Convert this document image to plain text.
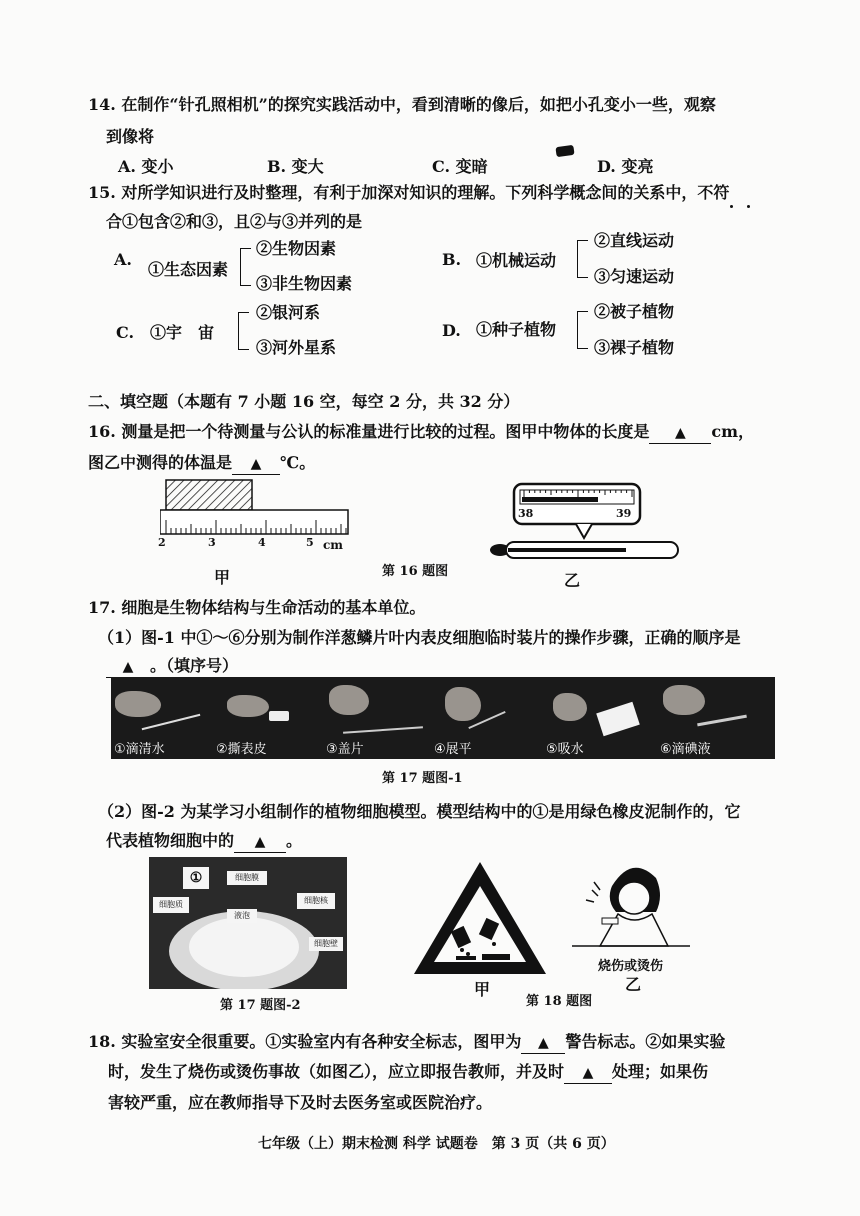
14. 在制作“针孔照相机”的探究实践活动中，看到清晰的像后，如把小孔变小一些，观察
到像将
A. 变小	B. 变大	C. 变暗	D. 变亮
15. 对所学知识进行及时整理，有利于加深对知识的理解。下列科学概念间的关系中，不符
合①包含②和③，且②与③并列的是
A.
①生态因素
②生物因素
③非生物因素
B. ①机械运动
②直线运动
③匀速运动
C. ①宇　宙
②银河系
③河外星系
D. ①种子植物
②被子植物
③裸子植物
二、填空题（本题有 7 小题 16 空，每空 2 分，共 32 分）
16. 测量是把一个待测量与公认的标准量进行比较的过程。图甲中物体的长度是 ▲ cm，
图乙中测得的体温是 ▲ ℃。
2	3	4	5 cm
甲	第 16 题图
38	39
乙
17. 细胞是生物体结构与生命活动的基本单位。
（1）图-1 中①～⑥分别为制作洋葱鳞片叶内表皮细胞临时装片的操作步骤，正确的顺序是
▲ 。（填序号）
①滴清水	②撕表皮	③盖片	④展平	⑤吸水	⑥滴碘液
第 17 题图-1
（2）图-2 为某学习小组制作的植物细胞模型。模型结构中的①是用绿色橡皮泥制作的，它
代表植物细胞中的 ▲ 。
①	细胞膜
液泡
细胞核
细胞质
细胞壁
第 17 题图-2
甲
第 18 题图
烧伤或烫伤
乙
18. 实验室安全很重要。①实验室内有各种安全标志，图甲为 ▲ 警告标志。②如果实验
时，发生了烧伤或烫伤事故（如图乙），应立即报告教师，并及时 ▲ 处理；如果伤
害较严重，应在教师指导下及时去医务室或医院治疗。
七年级（上）期末检测 科学 试题卷　第 3 页（共 6 页）
